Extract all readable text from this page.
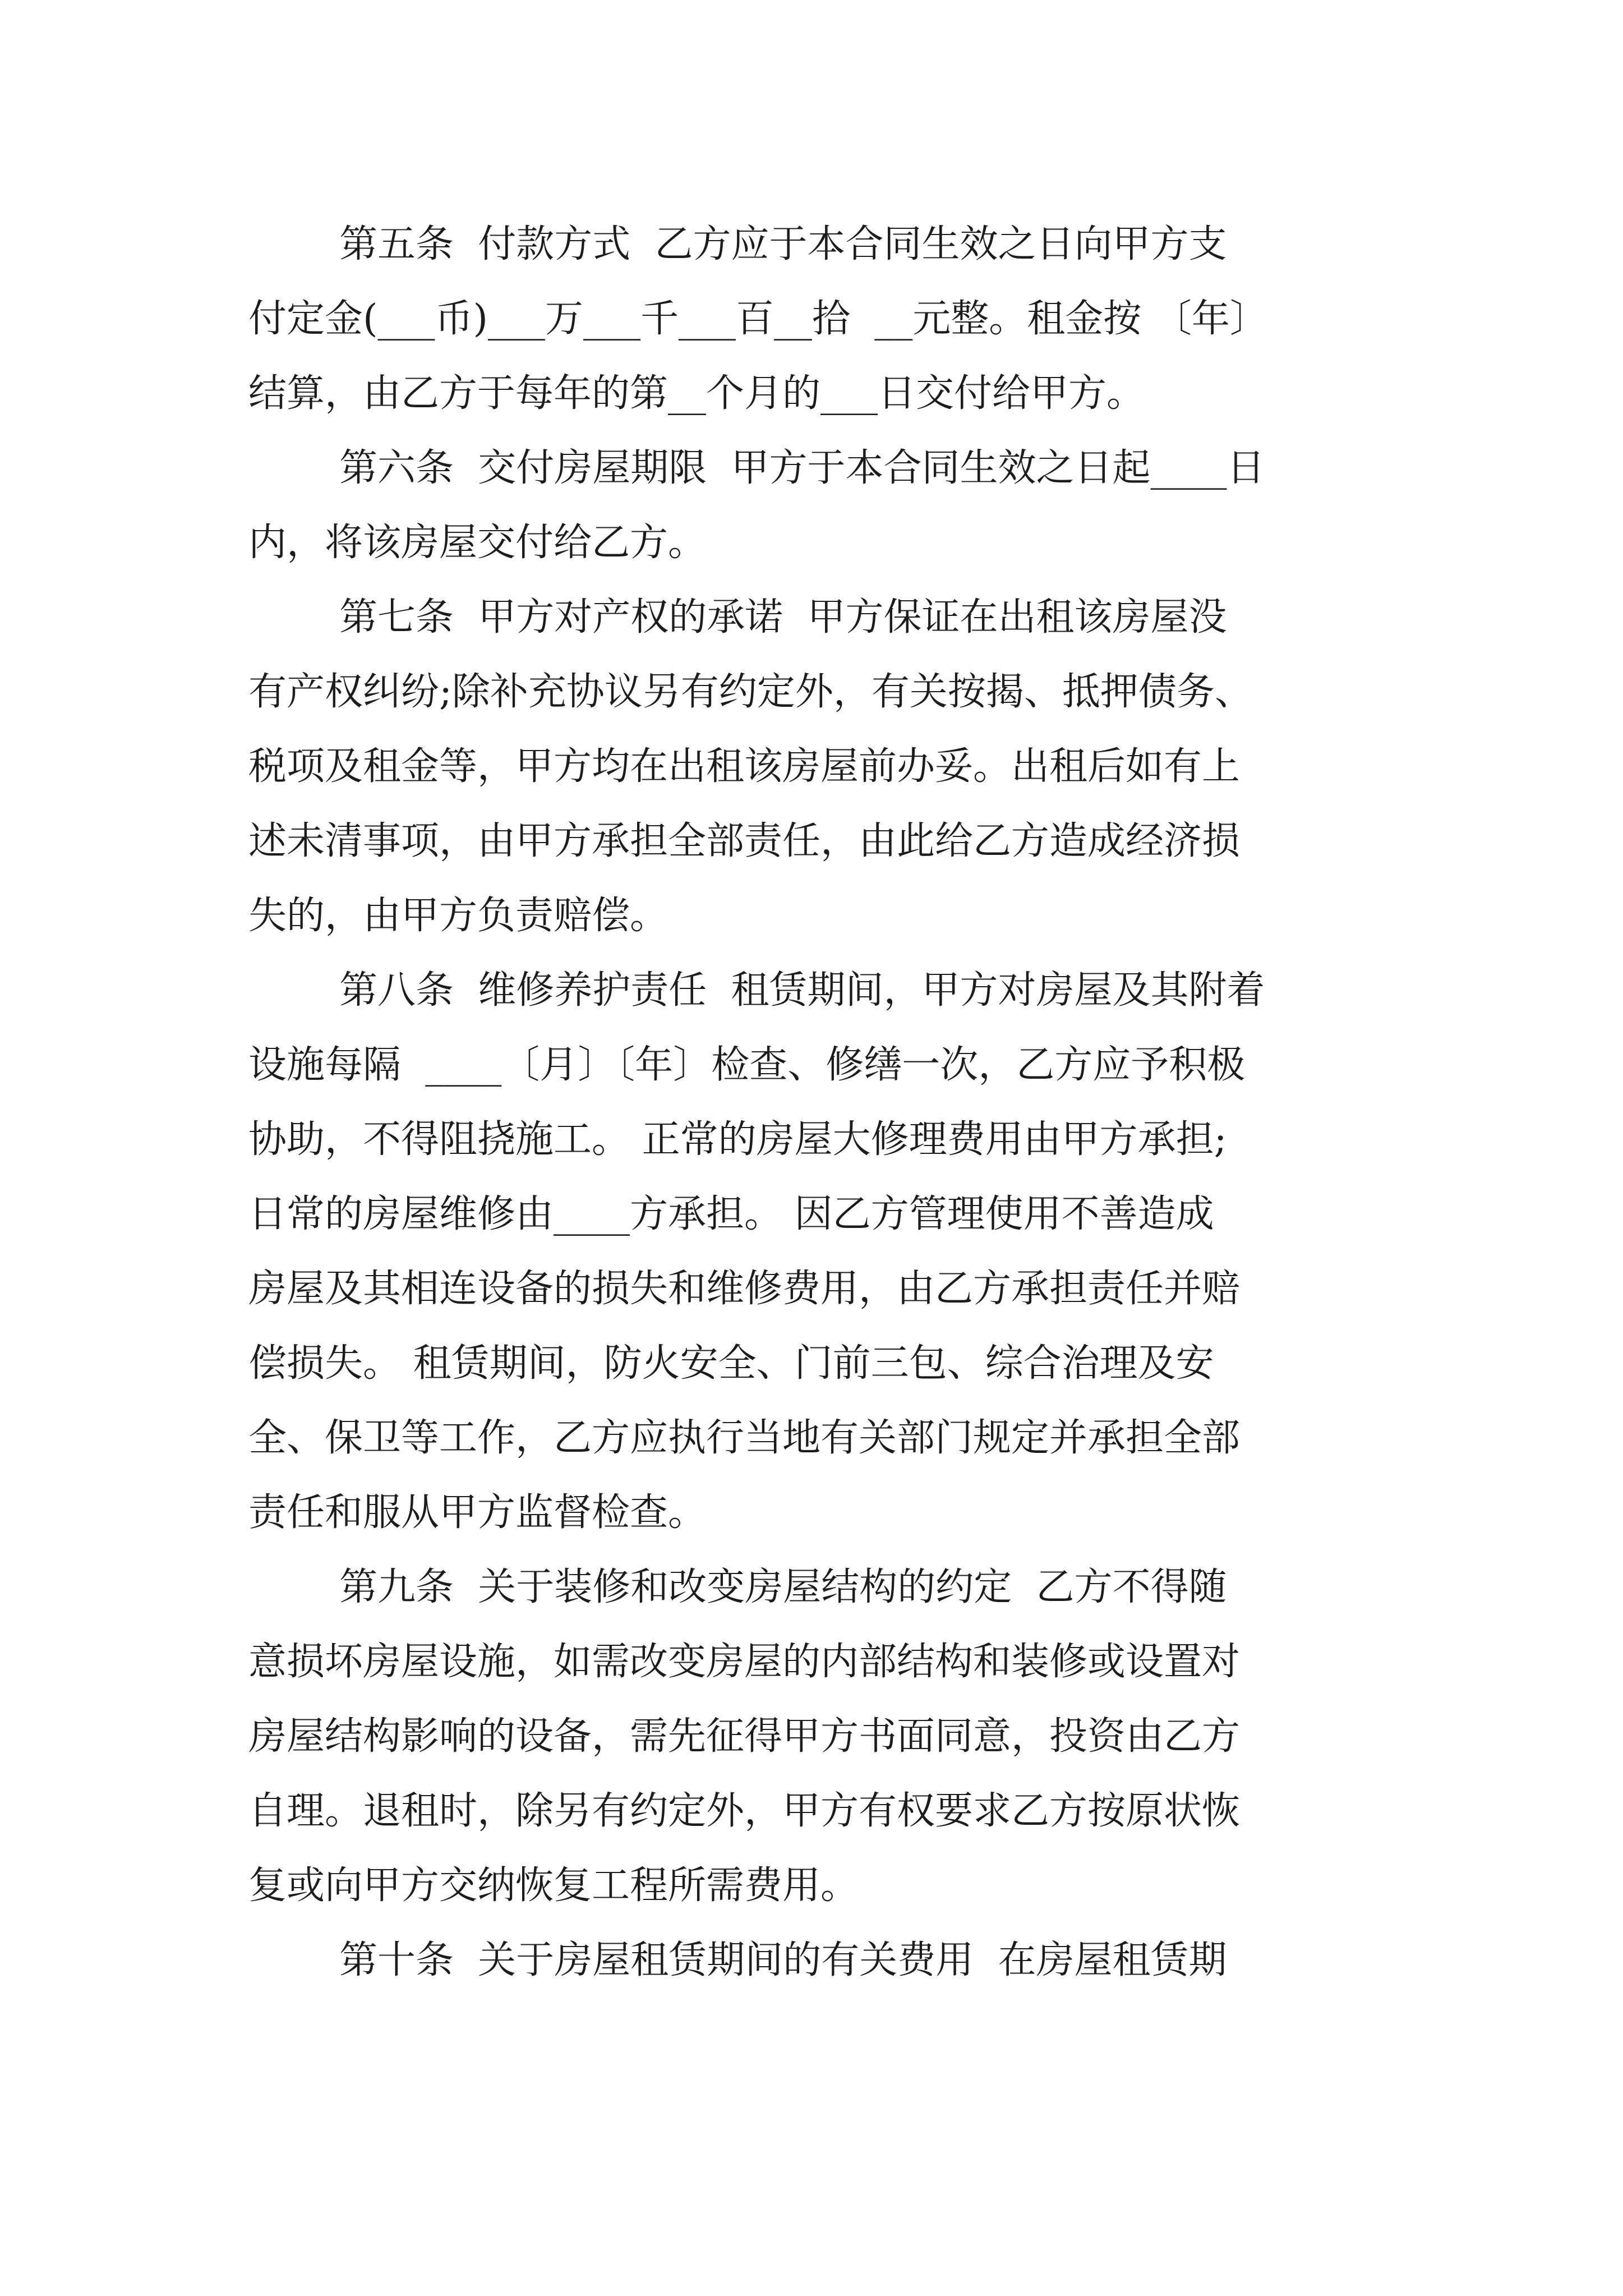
第五条  付款方式  乙方应于本合同生效之日向甲方支
付定金(___币)___万___千___百__拾  __元整。租金按 〔年〕
结算，由乙方于每年的第__个月的___日交付给甲方。
第六条  交付房屋期限  甲方于本合同生效之日起____日
内，将该房屋交付给乙方。
第七条  甲方对产权的承诺  甲方保证在出租该房屋没
有产权纠纷;除补充协议另有约定外，有关按揭、抵押债务、
税项及租金等，甲方均在出租该房屋前办妥。出租后如有上
述未清事项，由甲方承担全部责任，由此给乙方造成经济损
失的，由甲方负责赔偿。
第八条  维修养护责任  租赁期间，甲方对房屋及其附着
设施每隔  ____〔月〕〔年〕检查、修缮一次，乙方应予积极
协助，不得阻挠施工。 正常的房屋大修理费用由甲方承担;
日常的房屋维修由____方承担。 因乙方管理使用不善造成
房屋及其相连设备的损失和维修费用，由乙方承担责任并赔
偿损失。 租赁期间，防火安全、门前三包、综合治理及安
全、保卫等工作，乙方应执行当地有关部门规定并承担全部
责任和服从甲方监督检查。
第九条  关于装修和改变房屋结构的约定  乙方不得随
意损坏房屋设施，如需改变房屋的内部结构和装修或设置对
房屋结构影响的设备，需先征得甲方书面同意，投资由乙方
自理。退租时，除另有约定外，甲方有权要求乙方按原状恢
复或向甲方交纳恢复工程所需费用。
第十条  关于房屋租赁期间的有关费用  在房屋租赁期
